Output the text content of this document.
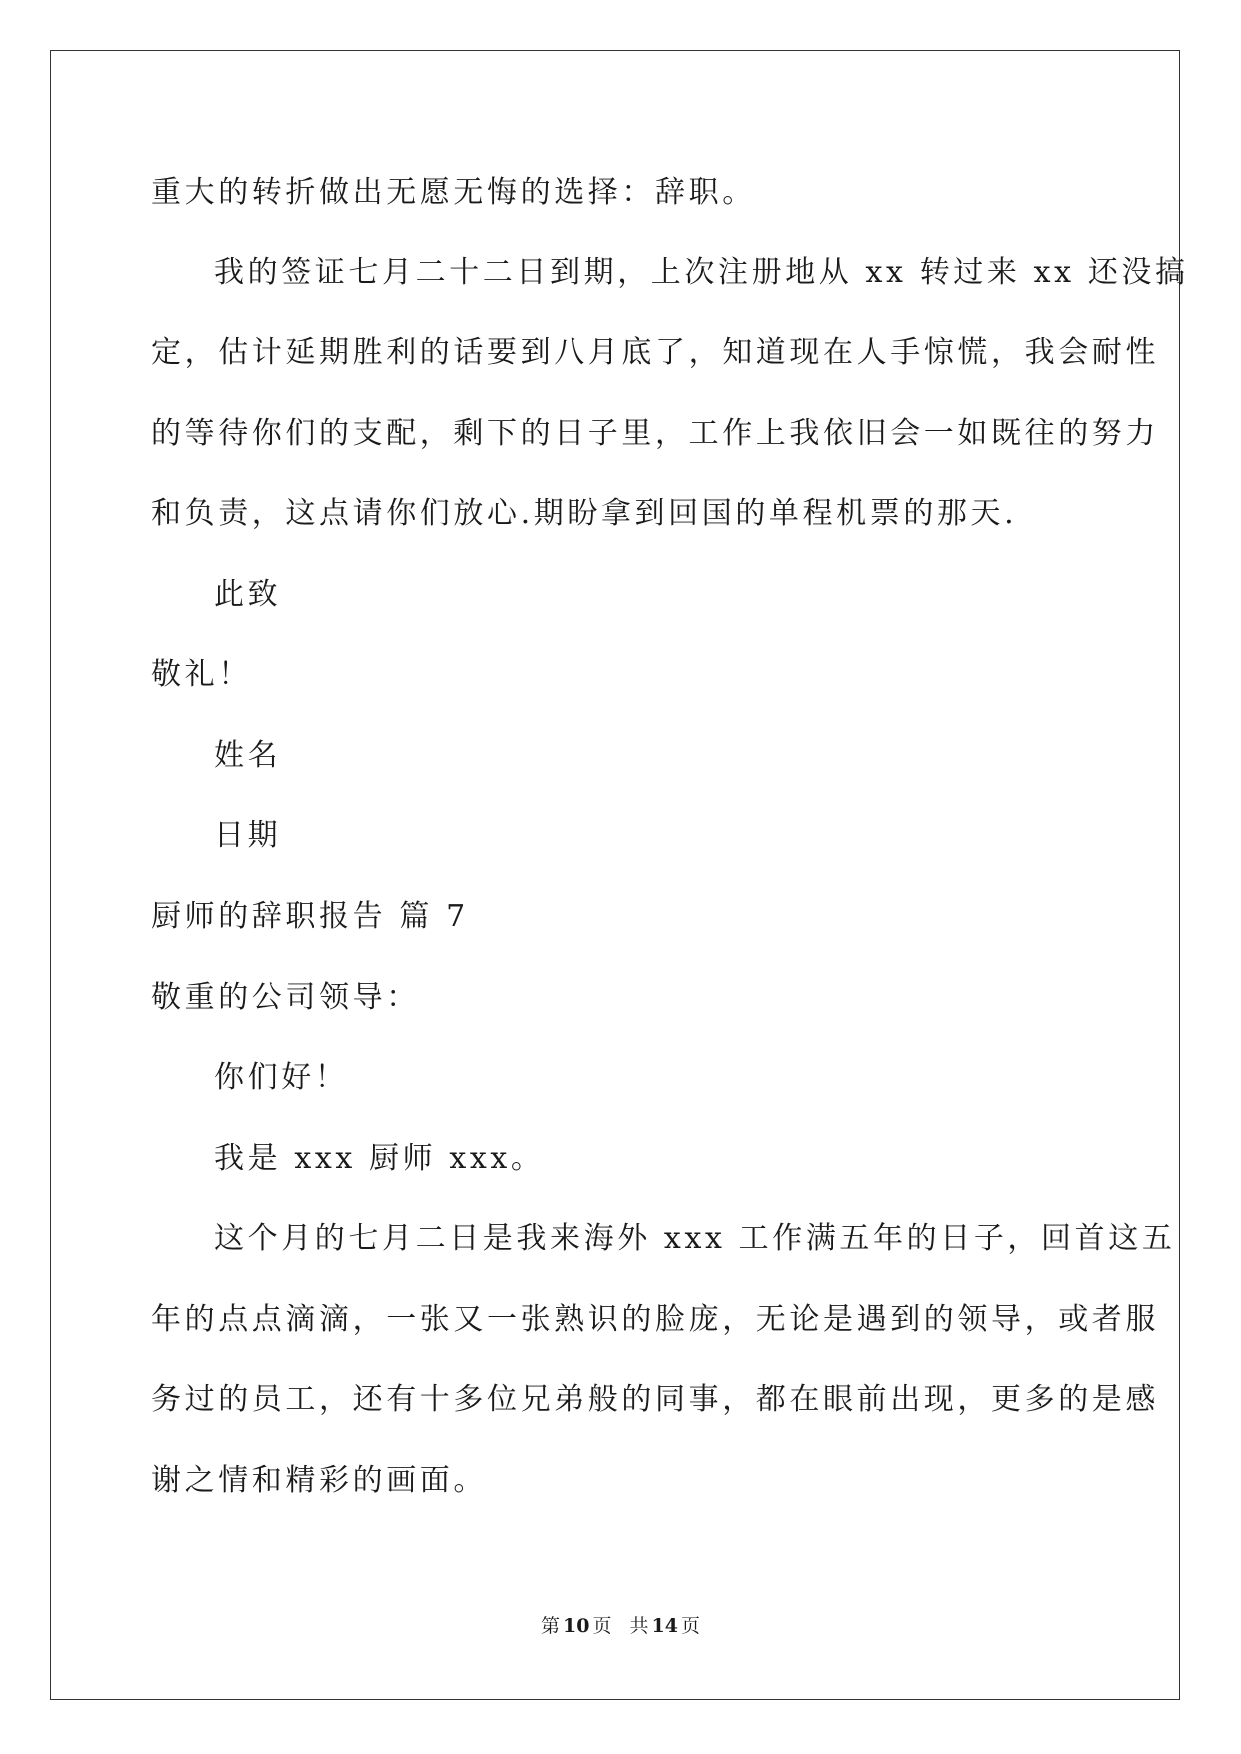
重大的转折做出无愿无悔的选择：辞职。
我的签证七月二十二日到期，上次注册地从 xx 转过来 xx 还没搞
定，估计延期胜利的话要到八月底了，知道现在人手惊慌，我会耐性
的等待你们的支配，剩下的日子里，工作上我依旧会一如既往的努力
和负责，这点请你们放心.期盼拿到回国的单程机票的那天.
此致
敬礼！
姓名
日期
厨师的辞职报告 篇 7
敬重的公司领导：
你们好！
我是 xxx 厨师 xxx。
这个月的七月二日是我来海外 xxx 工作满五年的日子，回首这五
年的点点滴滴，一张又一张熟识的脸庞，无论是遇到的领导，或者服
务过的员工，还有十多位兄弟般的同事，都在眼前出现，更多的是感
谢之情和精彩的画面。
第 10 页 共 14 页
